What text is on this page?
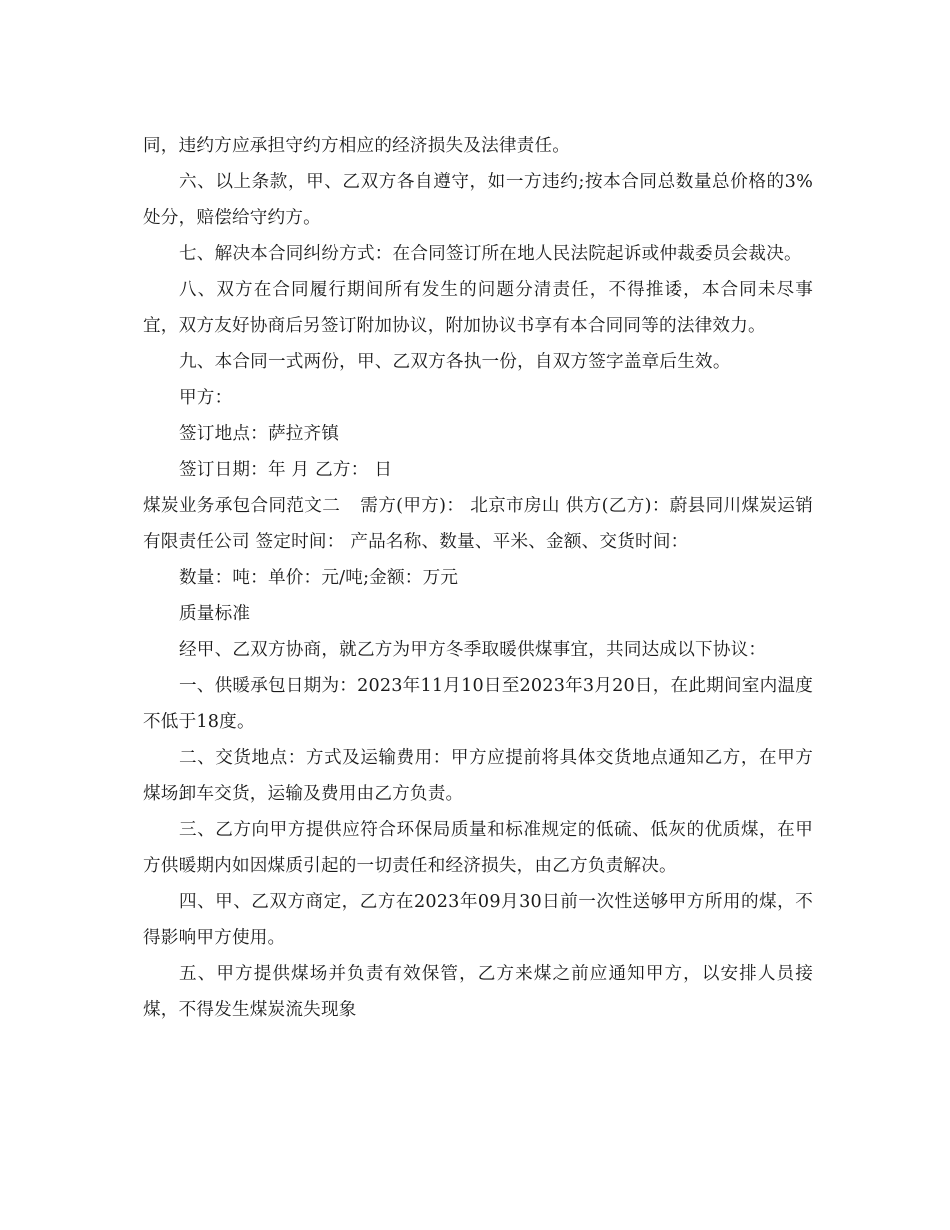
同，违约方应承担守约方相应的经济损失及法律责任。

六、以上条款，甲、乙双方各自遵守，如一方违约;按本合同总数量总价格的3%处分，赔偿给守约方。

七、解决本合同纠纷方式：在合同签订所在地人民法院起诉或仲裁委员会裁决。

八、双方在合同履行期间所有发生的问题分清责任，不得推诿，本合同未尽事宜，双方友好协商后另签订附加协议，附加协议书享有本合同同等的法律效力。

九、本合同一式两份，甲、乙双方各执一份，自双方签字盖章后生效。

甲方：

签订地点：萨拉齐镇

签订日期：年 月 乙方： 日

煤炭业务承包合同范文二 需方(甲方)： 北京市房山 供方(乙方)：蔚县同川煤炭运销有限责任公司 签定时间： 产品名称、数量、平米、金额、交货时间：

数量：吨：单价：元/吨;金额：万元

质量标准

经甲、乙双方协商，就乙方为甲方冬季取暖供煤事宜，共同达成以下协议：

一、供暖承包日期为：2023年11月10日至2023年3月20日，在此期间室内温度不低于18度。

二、交货地点：方式及运输费用：甲方应提前将具体交货地点通知乙方，在甲方煤场卸车交货，运输及费用由乙方负责。

三、乙方向甲方提供应符合环保局质量和标准规定的低硫、低灰的优质煤，在甲方供暖期内如因煤质引起的一切责任和经济损失，由乙方负责解决。

四、甲、乙双方商定，乙方在2023年09月30日前一次性送够甲方所用的煤，不得影响甲方使用。

五、甲方提供煤场并负责有效保管，乙方来煤之前应通知甲方，以安排人员接煤，不得发生煤炭流失现象
